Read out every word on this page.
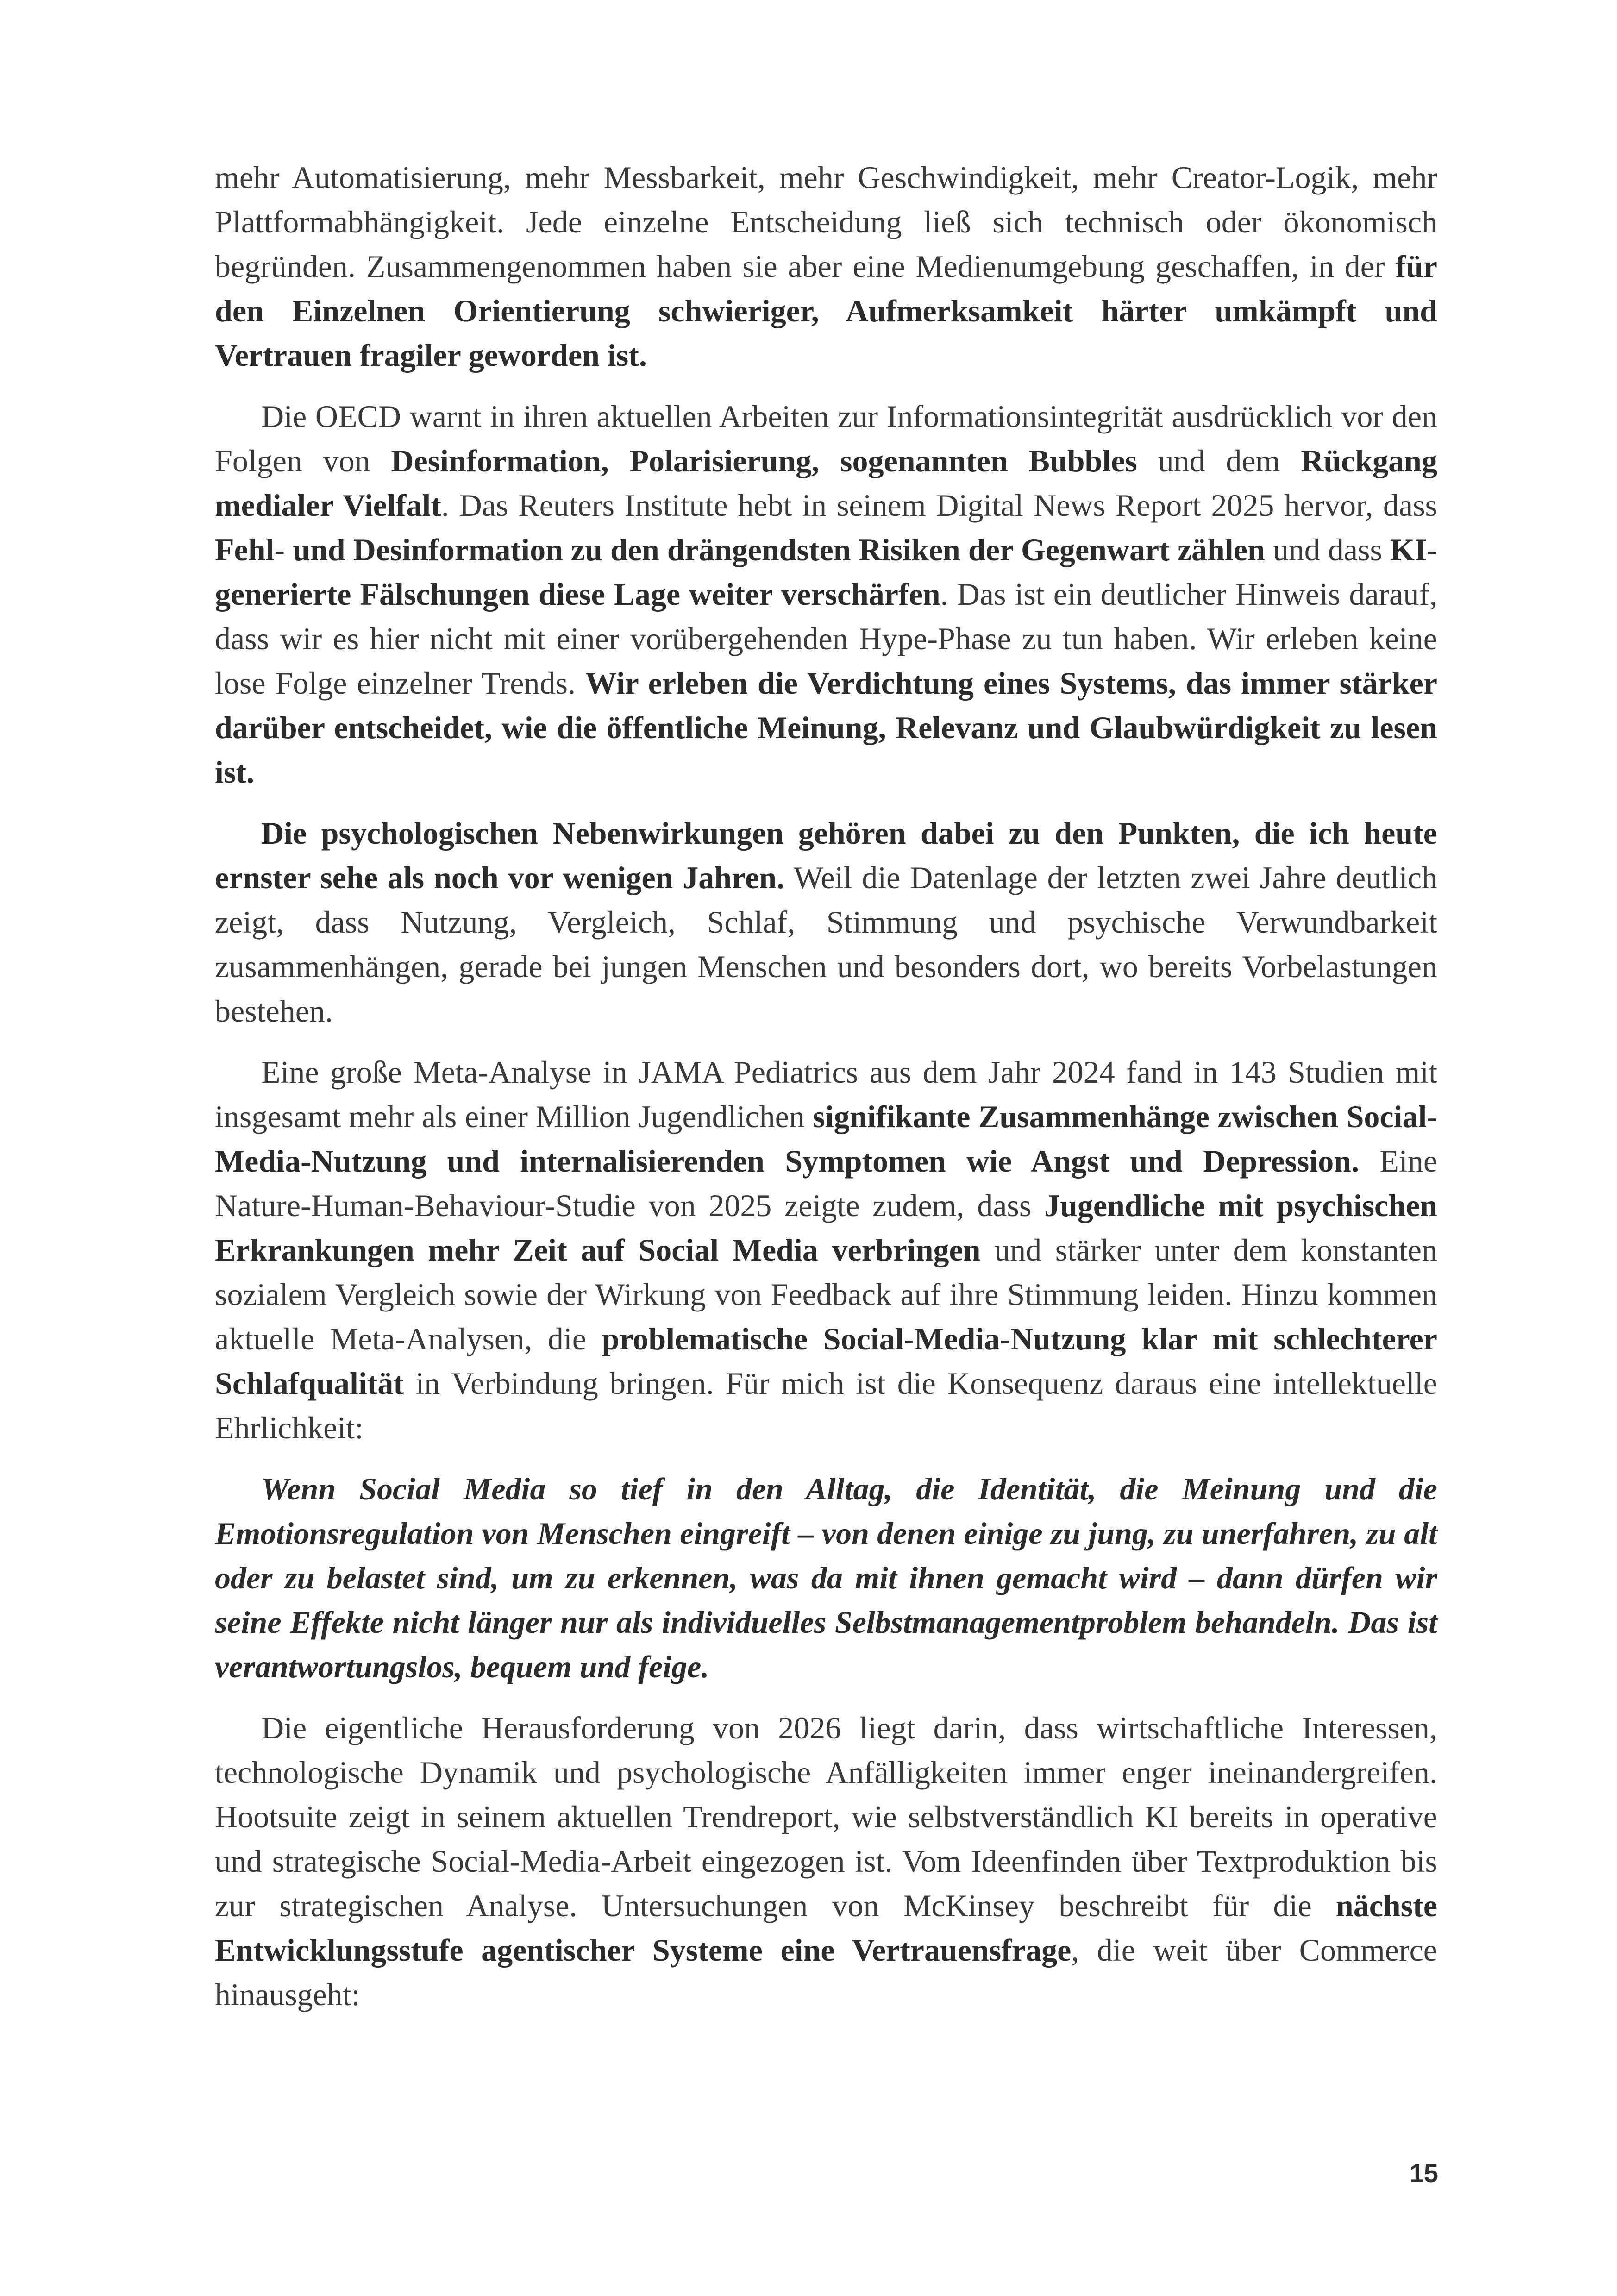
mehr Automatisierung, mehr Messbarkeit, mehr Geschwindigkeit, mehr Creator-Logik, mehr Plattformabhängigkeit. Jede einzelne Entscheidung ließ sich technisch oder ökonomisch begründen. Zusammengenommen haben sie aber eine Medienumgebung geschaffen, in der für den Einzelnen Orientierung schwieriger, Aufmerksamkeit härter umkämpft und Vertrauen fragiler geworden ist.

Die OECD warnt in ihren aktuellen Arbeiten zur Informationsintegrität ausdrücklich vor den Folgen von Desinformation, Polarisierung, sogenannten Bubbles und dem Rückgang medialer Vielfalt. Das Reuters Institute hebt in seinem Digital News Report 2025 hervor, dass Fehl- und Desinformation zu den drängendsten Risiken der Gegenwart zählen und dass KI-generierte Fälschungen diese Lage weiter verschärfen. Das ist ein deutlicher Hinweis darauf, dass wir es hier nicht mit einer vorübergehenden Hype-Phase zu tun haben. Wir erleben keine lose Folge einzelner Trends. Wir erleben die Verdichtung eines Systems, das immer stärker darüber entscheidet, wie die öffentliche Meinung, Relevanz und Glaubwürdigkeit zu lesen ist.

Die psychologischen Nebenwirkungen gehören dabei zu den Punkten, die ich heute ernster sehe als noch vor wenigen Jahren. Weil die Datenlage der letzten zwei Jahre deutlich zeigt, dass Nutzung, Vergleich, Schlaf, Stimmung und psychische Verwundbarkeit zusammenhängen, gerade bei jungen Menschen und besonders dort, wo bereits Vorbelastungen bestehen.

Eine große Meta-Analyse in JAMA Pediatrics aus dem Jahr 2024 fand in 143 Studien mit insgesamt mehr als einer Million Jugendlichen signifikante Zusammenhänge zwischen Social-Media-Nutzung und internalisierenden Symptomen wie Angst und Depression. Eine Nature-Human-Behaviour-Studie von 2025 zeigte zudem, dass Jugendliche mit psychischen Erkrankungen mehr Zeit auf Social Media verbringen und stärker unter dem konstanten sozialem Vergleich sowie der Wirkung von Feedback auf ihre Stimmung leiden. Hinzu kommen aktuelle Meta-Analysen, die problematische Social-Media-Nutzung klar mit schlechterer Schlafqualität in Verbindung bringen. Für mich ist die Konsequenz daraus eine intellektuelle Ehrlichkeit:

Wenn Social Media so tief in den Alltag, die Identität, die Meinung und die Emotionsregulation von Menschen eingreift – von denen einige zu jung, zu unerfahren, zu alt oder zu belastet sind, um zu erkennen, was da mit ihnen gemacht wird – dann dürfen wir seine Effekte nicht länger nur als individuelles Selbstmanagementproblem behandeln. Das ist verantwortungslos, bequem und feige.

Die eigentliche Herausforderung von 2026 liegt darin, dass wirtschaftliche Interessen, technologische Dynamik und psychologische Anfälligkeiten immer enger ineinandergreifen. Hootsuite zeigt in seinem aktuellen Trendreport, wie selbstverständlich KI bereits in operative und strategische Social-Media-Arbeit eingezogen ist. Vom Ideenfinden über Textproduktion bis zur strategischen Analyse. Untersuchungen von McKinsey beschreibt für die nächste Entwicklungsstufe agentischer Systeme eine Vertrauensfrage, die weit über Commerce hinausgeht:

15
